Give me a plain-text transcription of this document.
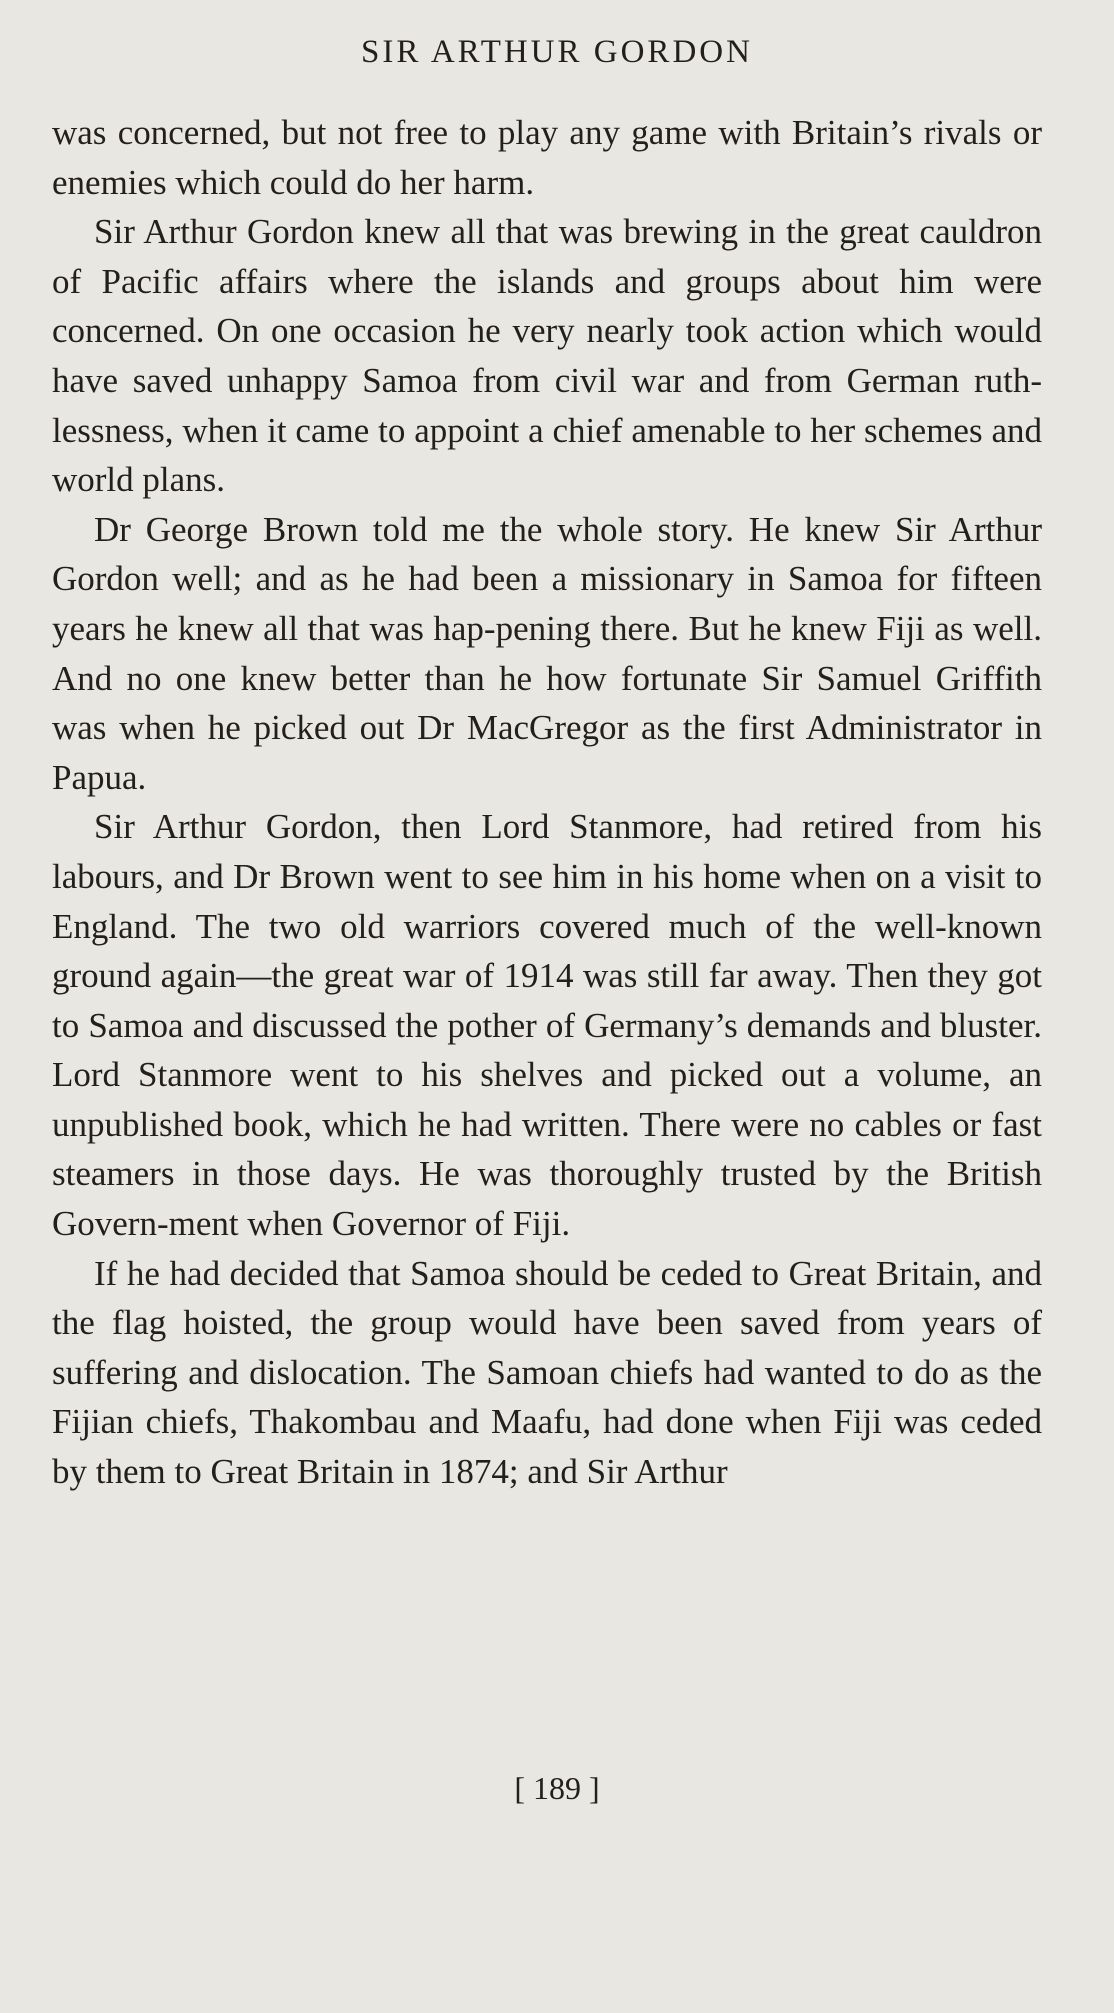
SIR ARTHUR GORDON

was concerned, but not free to play any game with Britain’s rivals or enemies which could do her harm.

Sir Arthur Gordon knew all that was brewing in the great cauldron of Pacific affairs where the islands and groups about him were concerned. On one occasion he very nearly took action which would have saved unhappy Samoa from civil war and from German ruth-lessness, when it came to appoint a chief amenable to her schemes and world plans.

Dr George Brown told me the whole story. He knew Sir Arthur Gordon well; and as he had been a missionary in Samoa for fifteen years he knew all that was hap-pening there. But he knew Fiji as well. And no one knew better than he how fortunate Sir Samuel Griffith was when he picked out Dr MacGregor as the first Administrator in Papua.

Sir Arthur Gordon, then Lord Stanmore, had retired from his labours, and Dr Brown went to see him in his home when on a visit to England. The two old warriors covered much of the well-known ground again—the great war of 1914 was still far away. Then they got to Samoa and discussed the pother of Germany’s demands and bluster. Lord Stanmore went to his shelves and picked out a volume, an unpublished book, which he had written. There were no cables or fast steamers in those days. He was thoroughly trusted by the British Govern-ment when Governor of Fiji.

If he had decided that Samoa should be ceded to Great Britain, and the flag hoisted, the group would have been saved from years of suffering and dislocation. The Samoan chiefs had wanted to do as the Fijian chiefs, Thakombau and Maafu, had done when Fiji was ceded by them to Great Britain in 1874; and Sir Arthur

[ 189 ]
